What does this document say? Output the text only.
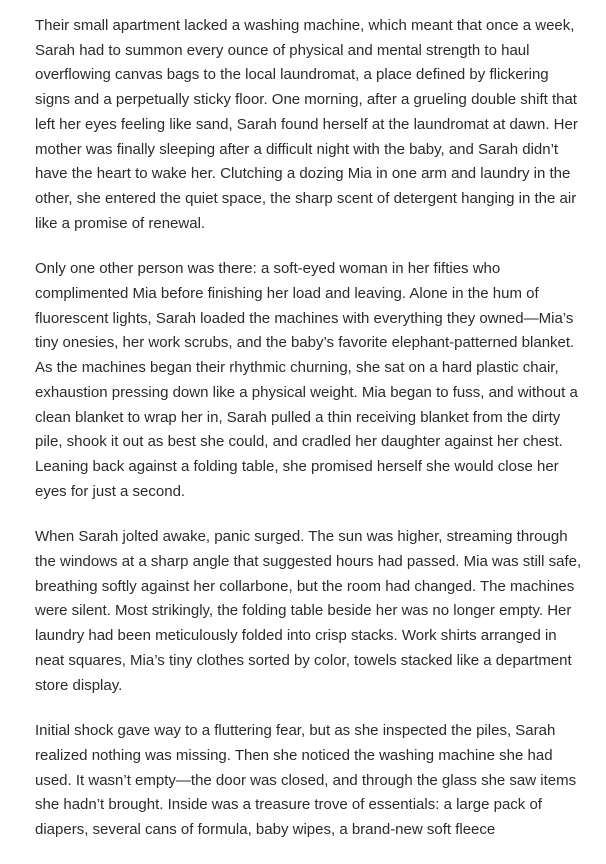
Their small apartment lacked a washing machine, which meant that once a week, Sarah had to summon every ounce of physical and mental strength to haul overflowing canvas bags to the local laundromat, a place defined by flickering signs and a perpetually sticky floor. One morning, after a grueling double shift that left her eyes feeling like sand, Sarah found herself at the laundromat at dawn. Her mother was finally sleeping after a difficult night with the baby, and Sarah didn’t have the heart to wake her. Clutching a dozing Mia in one arm and laundry in the other, she entered the quiet space, the sharp scent of detergent hanging in the air like a promise of renewal.

Only one other person was there: a soft-eyed woman in her fifties who complimented Mia before finishing her load and leaving. Alone in the hum of fluorescent lights, Sarah loaded the machines with everything they owned—Mia’s tiny onesies, her work scrubs, and the baby’s favorite elephant-patterned blanket. As the machines began their rhythmic churning, she sat on a hard plastic chair, exhaustion pressing down like a physical weight. Mia began to fuss, and without a clean blanket to wrap her in, Sarah pulled a thin receiving blanket from the dirty pile, shook it out as best she could, and cradled her daughter against her chest. Leaning back against a folding table, she promised herself she would close her eyes for just a second.

When Sarah jolted awake, panic surged. The sun was higher, streaming through the windows at a sharp angle that suggested hours had passed. Mia was still safe, breathing softly against her collarbone, but the room had changed. The machines were silent. Most strikingly, the folding table beside her was no longer empty. Her laundry had been meticulously folded into crisp stacks. Work shirts arranged in neat squares, Mia’s tiny clothes sorted by color, towels stacked like a department store display.

Initial shock gave way to a fluttering fear, but as she inspected the piles, Sarah realized nothing was missing. Then she noticed the washing machine she had used. It wasn’t empty—the door was closed, and through the glass she saw items she hadn’t brought. Inside was a treasure trove of essentials: a large pack of diapers, several cans of formula, baby wipes, a brand-new soft fleece
